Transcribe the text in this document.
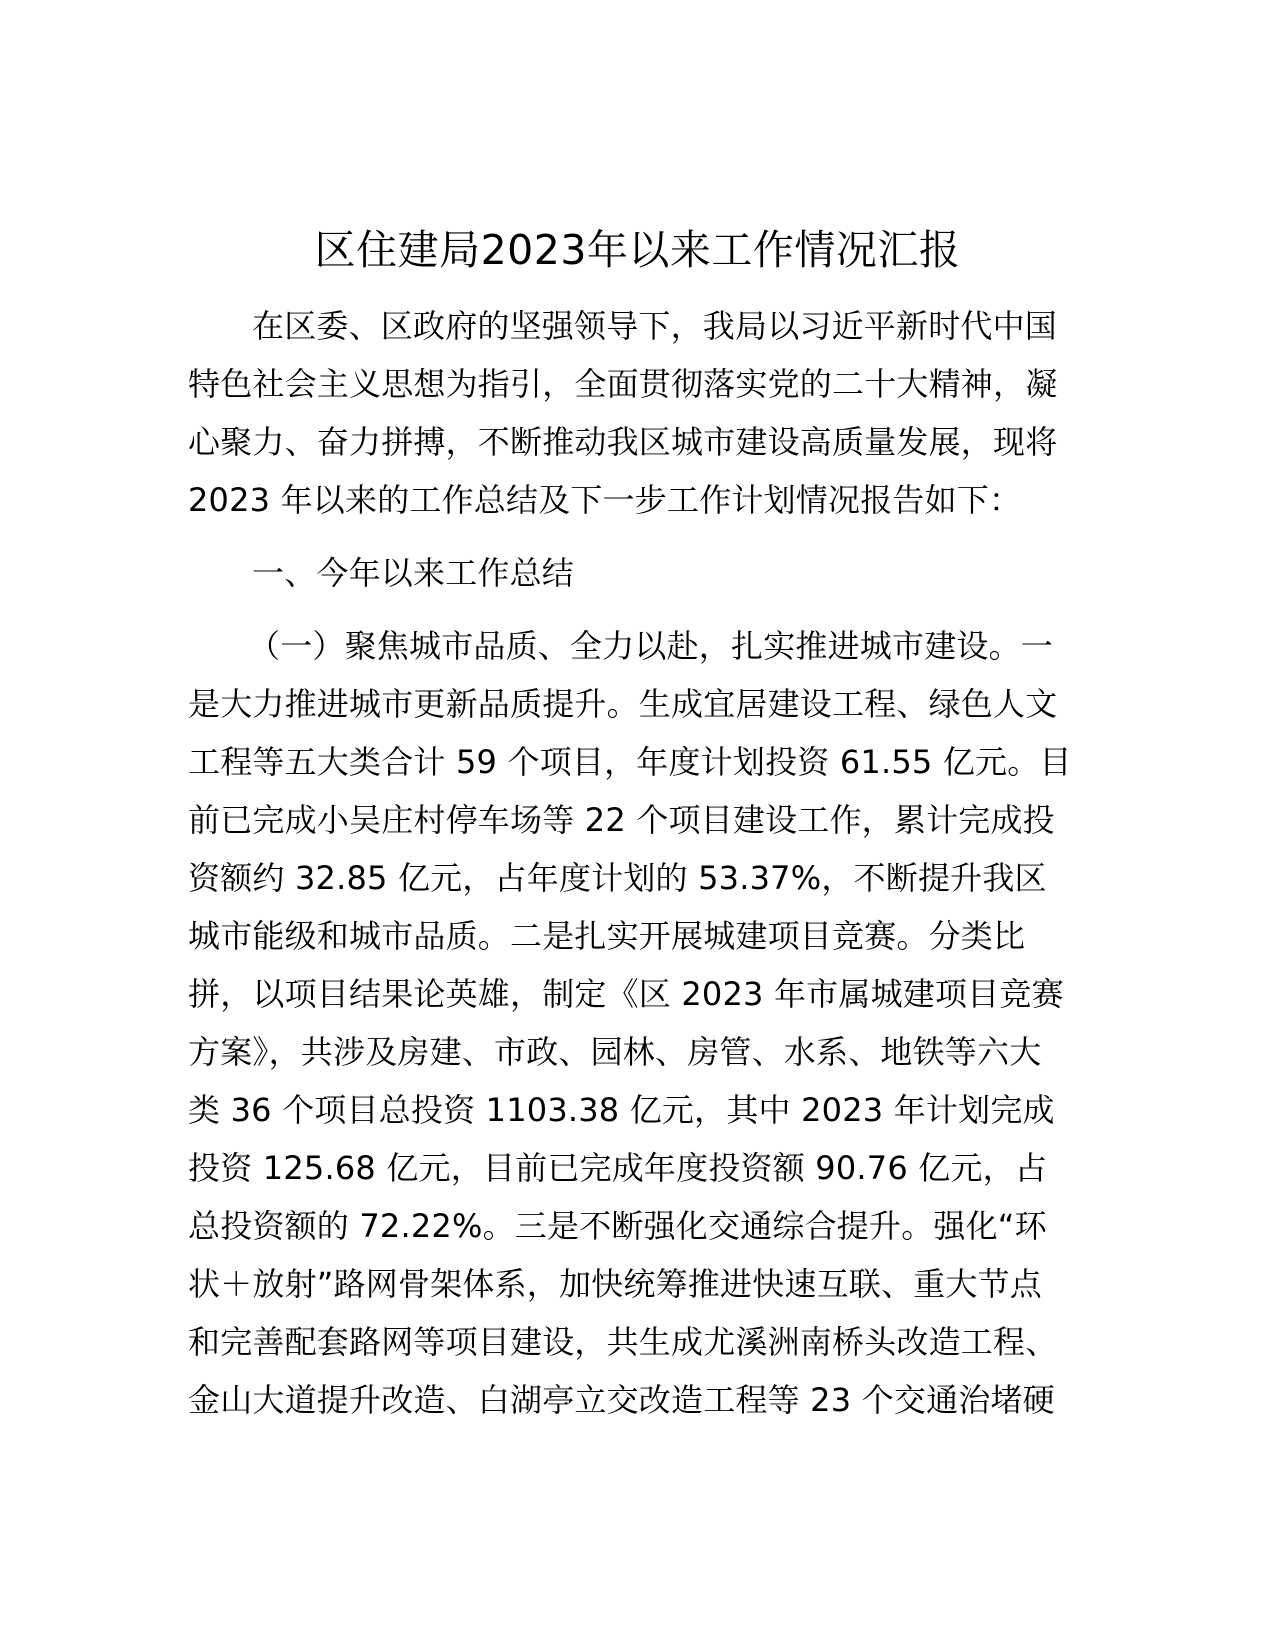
区住建局2023年以来工作情况汇报
在区委、区政府的坚强领导下，我局以习近平新时代中国
特色社会主义思想为指引，全面贯彻落实党的二十大精神，凝
心聚力、奋力拼搏，不断推动我区城市建设高质量发展，现将
2023 年以来的工作总结及下一步工作计划情况报告如下：
一、今年以来工作总结
（一）聚焦城市品质、全力以赴，扎实推进城市建设。一
是大力推进城市更新品质提升。生成宜居建设工程、绿色人文
工程等五大类合计 59 个项目，年度计划投资 61.55 亿元。目
前已完成小吴庄村停车场等 22 个项目建设工作，累计完成投
资额约 32.85 亿元，占年度计划的 53.37%，不断提升我区
城市能级和城市品质。二是扎实开展城建项目竞赛。分类比
拼，以项目结果论英雄，制定《区 2023 年市属城建项目竞赛
方案》，共涉及房建、市政、园林、房管、水系、地铁等六大
类 36 个项目总投资 1103.38 亿元，其中 2023 年计划完成
投资 125.68 亿元，目前已完成年度投资额 90.76 亿元，占
总投资额的 72.22%。三是不断强化交通综合提升。强化“环
状＋放射”路网骨架体系，加快统筹推进快速互联、重大节点
和完善配套路网等项目建设，共生成尤溪洲南桥头改造工程、
金山大道提升改造、白湖亭立交改造工程等 23 个交通治堵硬
